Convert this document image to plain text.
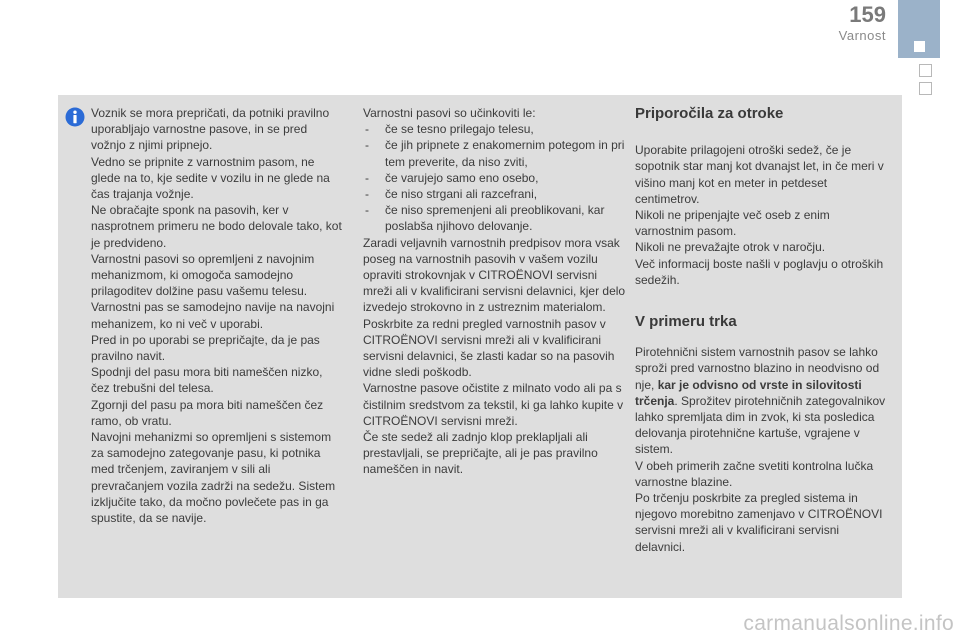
159
Varnost

Voznik se mora prepričati, da potniki pravilno uporabljajo varnostne pasove, in se pred vožnjo z njimi pripnejo.

Vedno se pripnite z varnostnim pasom, ne glede na to, kje sedite v vozilu in ne glede na čas trajanja vožnje.

Ne obračajte sponk na pasovih, ker v nasprotnem primeru ne bodo delovale tako, kot je predvideno.

Varnostni pasovi so opremljeni z navojnim mehanizmom, ki omogoča samodejno prilagoditev dolžine pasu vašemu telesu. Varnostni pas se samodejno navije na navojni mehanizem, ko ni več v uporabi.

Pred in po uporabi se prepričajte, da je pas pravilno navit.

Spodnji del pasu mora biti nameščen nizko, čez trebušni del telesa.

Zgornji del pasu pa mora biti nameščen čez ramo, ob vratu.

Navojni mehanizmi so opremljeni s sistemom za samodejno zategovanje pasu, ki potnika med trčenjem, zaviranjem v sili ali prevračanjem vozila zadrži na sedežu. Sistem izključite tako, da močno povlečete pas in ga spustite, da se navije.

Varnostni pasovi so učinkoviti le:

- če se tesno prilegajo telesu,

- če jih pripnete z enakomernim potegom in pri tem preverite, da niso zviti,

- če varujejo samo eno osebo,

- če niso strgani ali razcefrani,

- če niso spremenjeni ali preoblikovani, kar poslabša njihovo delovanje.

Zaradi veljavnih varnostnih predpisov mora vsak poseg na varnostnih pasovih v vašem vozilu opraviti strokovnjak v CITROËNOVI servisni mreži ali v kvalificirani servisni delavnici, kjer delo izvedejo strokovno in z ustreznim materialom.

Poskrbite za redni pregled varnostnih pasov v CITROËNOVI servisni mreži ali v kvalificirani servisni delavnici, še zlasti kadar so na pasovih vidne sledi poškodb.

Varnostne pasove očistite z milnato vodo ali pa s čistilnim sredstvom za tekstil, ki ga lahko kupite v CITROËNOVI servisni mreži.

Če ste sedež ali zadnjo klop preklapljali ali prestavljali, se prepričajte, ali je pas pravilno nameščen in navit.

Priporočila za otroke

Uporabite prilagojeni otroški sedež, če je sopotnik star manj kot dvanajst let, in če meri v višino manj kot en meter in petdeset centimetrov.

Nikoli ne pripenjajte več oseb z enim varnostnim pasom.

Nikoli ne prevažajte otrok v naročju.

Več informacij boste našli v poglavju o otroških sedežih.

V primeru trka

Pirotehnični sistem varnostnih pasov se lahko sproži pred varnostno blazino in neodvisno od nje, kar je odvisno od vrste in silovitosti trčenja. Sprožitev pirotehničnih zategovalnikov lahko spremljata dim in zvok, ki sta posledica delovanja pirotehnične kartuše, vgrajene v sistem.

V obeh primerih začne svetiti kontrolna lučka varnostne blazine.

Po trčenju poskrbite za pregled sistema in njegovo morebitno zamenjavo v CITROËNOVI servisni mreži ali v kvalificirani servisni delavnici.

carmanualsonline.info
